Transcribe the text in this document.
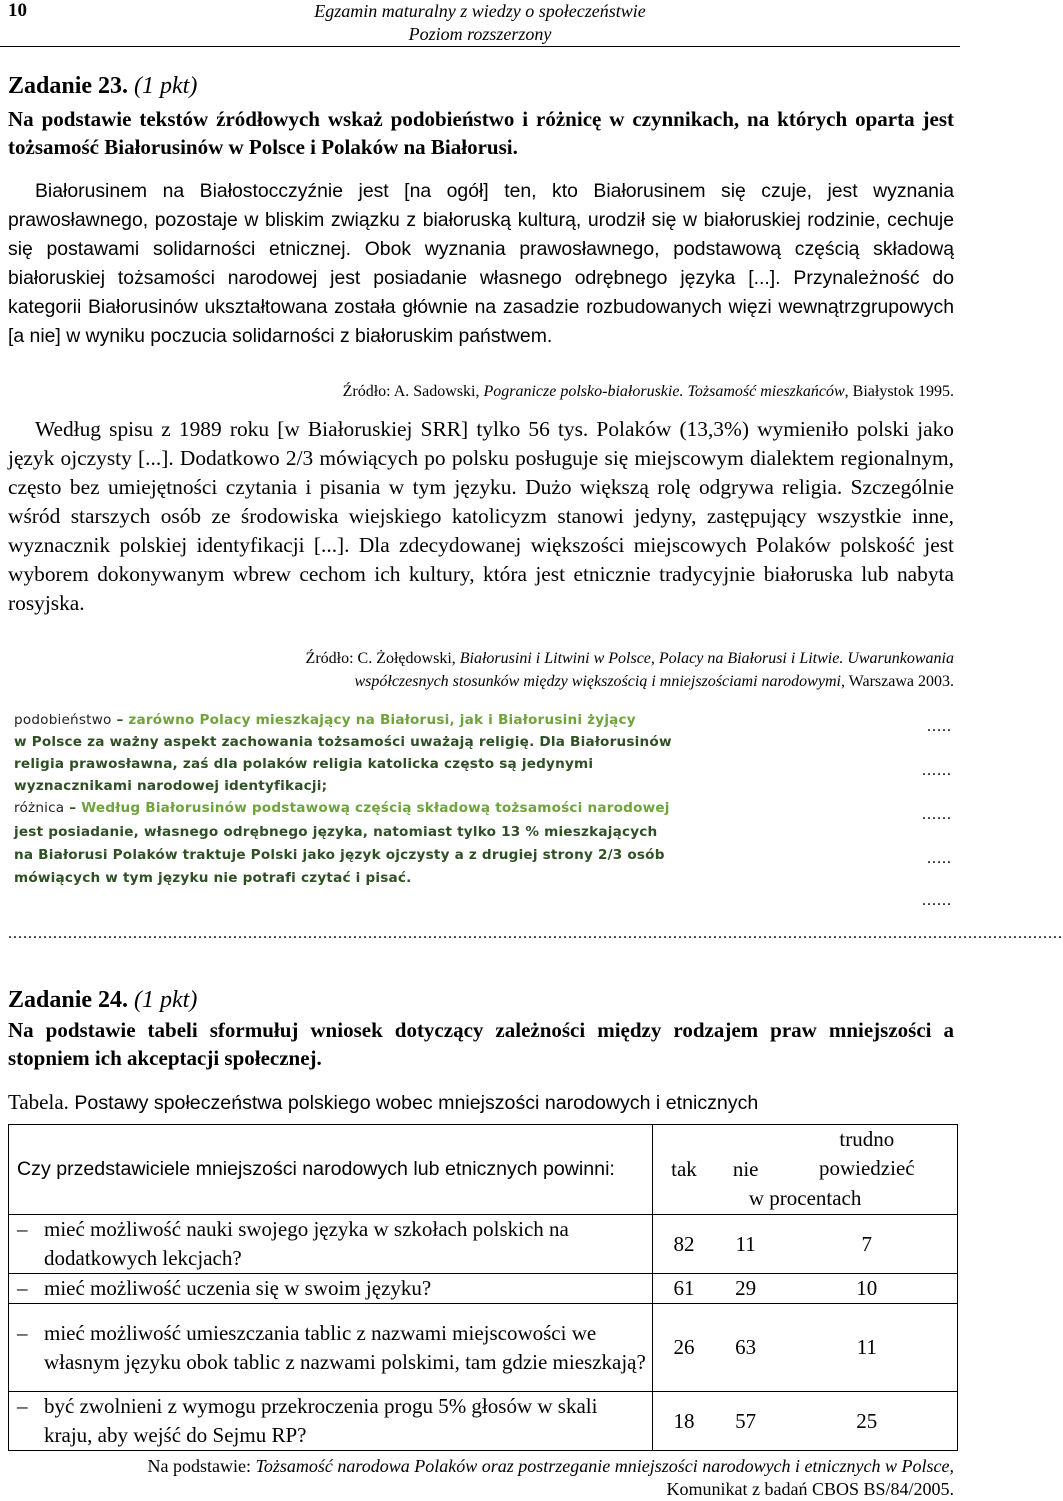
10	Egzamin maturalny z wiedzy o społeczeństwie
Poziom rozszerzony
Zadanie 23. (1 pkt)
Na podstawie tekstów źródłowych wskaż podobieństwo i różnicę w czynnikach, na których oparta jest tożsamość Białorusinów w Polsce i Polaków na Białorusi.
Białorusinem na Białostocczyźnie jest [na ogół] ten, kto Białorusinem się czuje, jest wyznania prawosławnego, pozostaje w bliskim związku z białoruską kulturą, urodził się w białoruskiej rodzinie, cechuje się postawami solidarności etnicznej. Obok wyznania prawosławnego, podstawową częścią składową białoruskiej tożsamości narodowej jest posiadanie własnego odrębnego języka [...]. Przynależność do kategorii Białorusinów ukształtowana została głównie na zasadzie rozbudowanych więzi wewnątrzgrupowych [a nie] w wyniku poczucia solidarności z białoruskim państwem.
Źródło: A. Sadowski, Pogranicze polsko-białoruskie. Tożsamość mieszkańców, Białystok 1995.
Według spisu z 1989 roku [w Białoruskiej SRR] tylko 56 tys. Polaków (13,3%) wymieniło polski jako język ojczysty [...]. Dodatkowo 2/3 mówiących po polsku posługuje się miejscowym dialektem regionalnym, często bez umiejętności czytania i pisania w tym języku. Dużo większą rolę odgrywa religia. Szczególnie wśród starszych osób ze środowiska wiejskiego katolicyzm stanowi jedyny, zastępujący wszystkie inne, wyznacznik polskiej identyfikacji [...]. Dla zdecydowanej większości miejscowych Polaków polskość jest wyborem dokonywanym wbrew cechom ich kultury, która jest etnicznie tradycyjnie białoruska lub nabyta rosyjska.
Źródło: C. Żołędowski, Białorusini i Litwini w Polsce, Polacy na Białorusi i Litwie. Uwarunkowania
współczesnych stosunków między większością i mniejszościami narodowymi, Warszawa 2003.
podobieństwo – zarówno Polacy mieszkający na Białorusi, jak i Białorusini żyjący
w Polsce za ważny aspekt zachowania tożsamości uważają religię. Dla Białorusinów
religia prawosławna, zaś dla polaków religia katolicka często są jedynymi
wyznacznikami narodowej identyfikacji;
różnica – Według Białorusinów podstawową częścią składową tożsamości narodowej
jest posiadanie, własnego odrębnego języka, natomiast tylko 13 % mieszkających
na Białorusi Polaków traktuje Polski jako język ojczysty a z drugiej strony 2/3 osób
mówiących w tym języku nie potrafi czytać i pisać.
.....
......
......
.....
......
...................................................................................................................................................................................................................
Zadanie 24. (1 pkt)
Na podstawie tabeli sformułuj wniosek dotyczący zależności między rodzajem praw mniejszości a stopniem ich akceptacji społecznej.
Tabela. Postawy społeczeństwa polskiego wobec mniejszości narodowych i etnicznych
Czy przedstawiciele mniejszości narodowych lub etnicznych powinni:	tak	nie	trudno
powiedzieć

	w procentach		

– mieć możliwość nauki swojego języka w szkołach polskich na dodatkowych lekcjach?	82	11	7

– mieć możliwość uczenia się w swoim języku?	61	29	10

– mieć możliwość umieszczania tablic z nazwami miejscowości we własnym języku obok tablic z nazwami polskimi, tam gdzie mieszkają?	26	63	11

– być zwolnieni z wymogu przekroczenia progu 5% głosów w skali kraju, aby wejść do Sejmu RP?	18	57	25
Na podstawie: Tożsamość narodowa Polaków oraz postrzeganie mniejszości narodowych i etnicznych w Polsce,
Komunikat z badań CBOS BS/84/2005.
